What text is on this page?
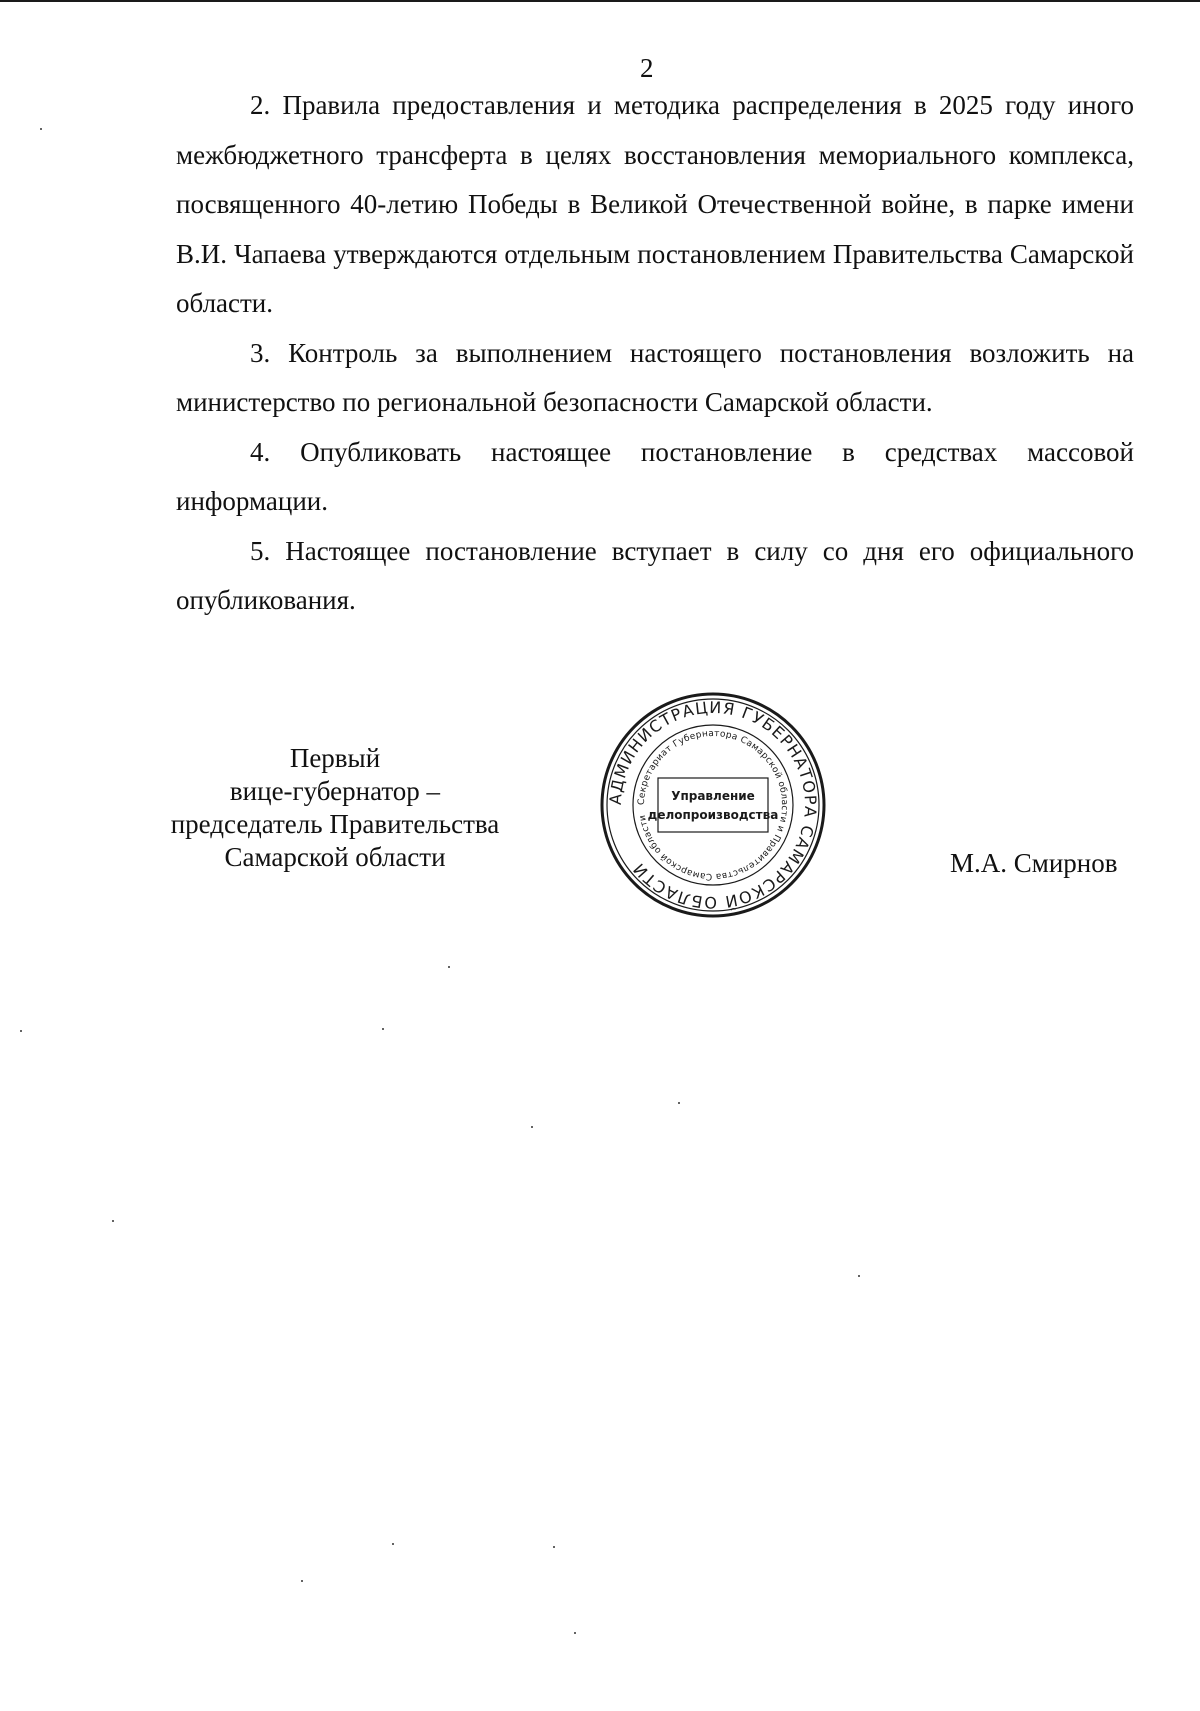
2

2. Правила предоставления и методика распределения в 2025 году иного межбюджетного трансферта в целях восстановления мемориального комплекса, посвященного 40-летию Победы в Великой Отечественной войне, в парке имени В.И. Чапаева утверждаются отдельным постановлением Правительства Самарской области.

3. Контроль за выполнением настоящего постановления возложить на министерство по региональной безопасности Самарской области.

4. Опубликовать настоящее постановление в средствах массовой информации.

5. Настоящее постановление вступает в силу со дня его официального опубликования.

Первый
вице-губернатор –
председатель Правительства
Самарской области
АДМИНИСТРАЦИЯ ГУБЕРНАТОРА САМАРСКОЙ ОБЛАСТИ
Секретариат Губернатора Самарской области и Правительства Самарской области
Управление
делопроизводства
М.А. Смирнов
